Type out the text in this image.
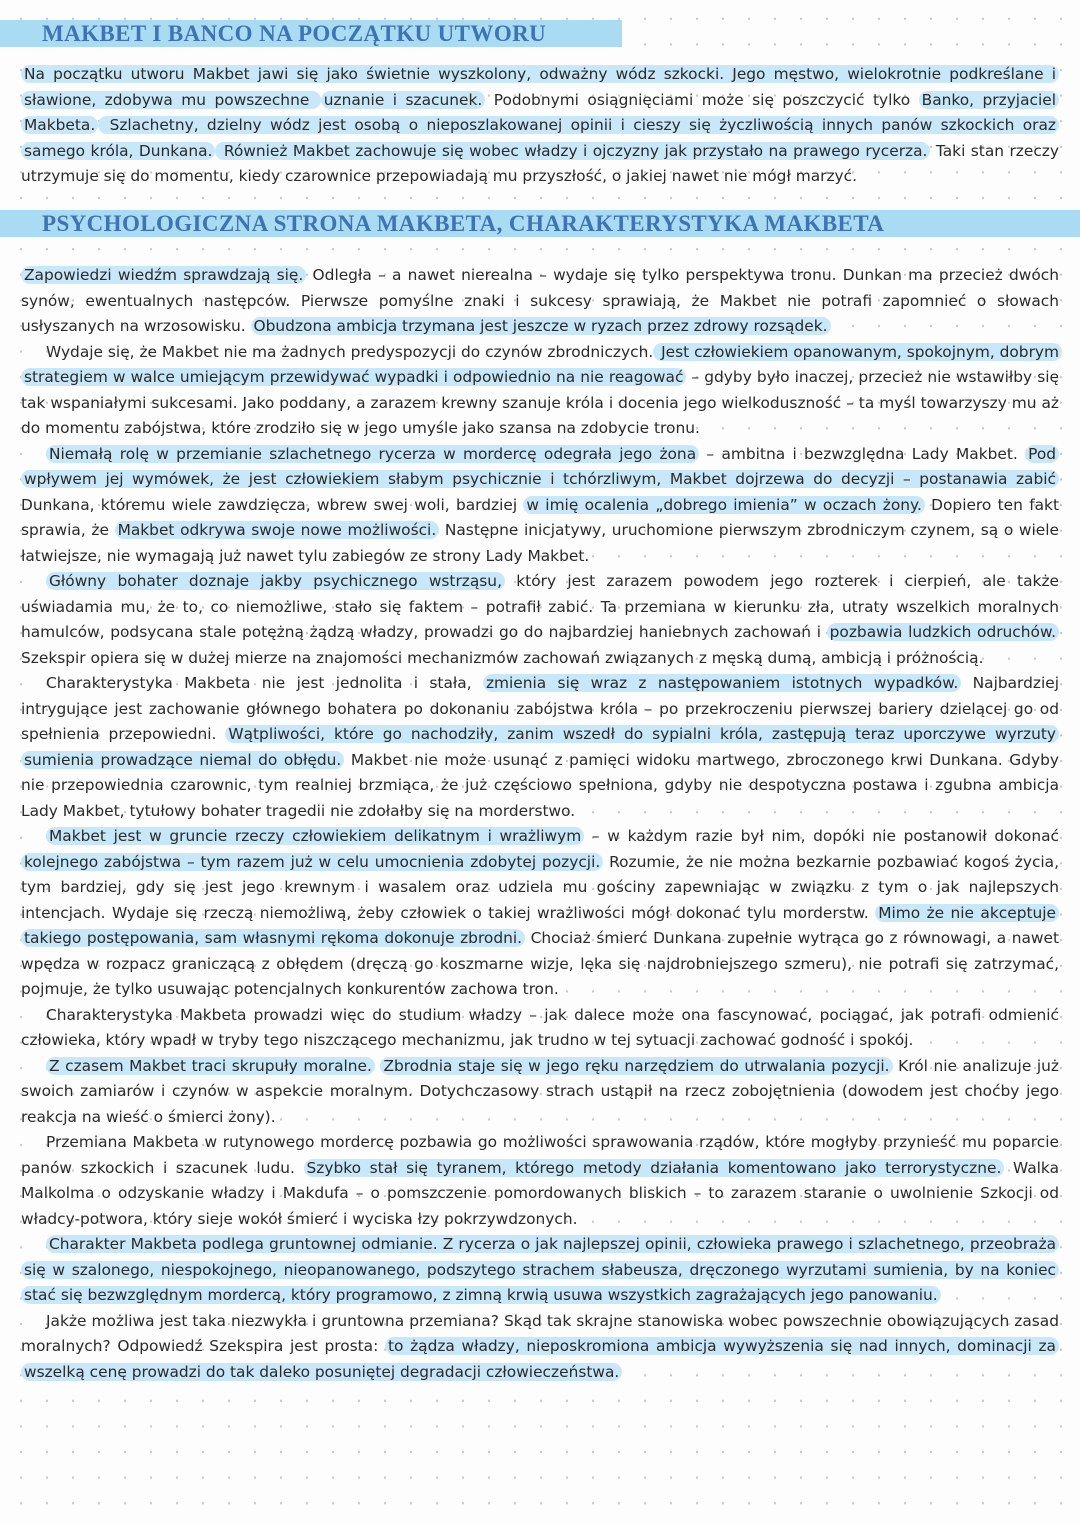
MAKBET I BANCO NA POCZĄTKU UTWORU

Na początku utworu Makbet jawi się jako świetnie wyszkolony, odważny wódz szkocki. Jego męstwo, wielokrotnie podkreślane i sławione, zdobywa mu powszechne uznanie i szacunek. Podobnymi osiągnięciami może się poszczycić tylko Banko, przyjaciel Makbeta. Szlachetny, dzielny wódz jest osobą o nieposzlakowanej opinii i cieszy się życzliwością innych panów szkockich oraz samego króla, Dunkana. Również Makbet zachowuje się wobec władzy i ojczyzny jak przystało na prawego rycerza. Taki stan rzeczy utrzymuje się do momentu, kiedy czarownice przepowiadają mu przyszłość, o jakiej nawet nie mógł marzyć.

PSYCHOLOGICZNA STRONA MAKBETA, CHARAKTERYSTYKA MAKBETA

Zapowiedzi wiedźm sprawdzają się. Odległa – a nawet nierealna – wydaje się tylko perspektywa tronu. Dunkan ma przecież dwóch synów, ewentualnych następców. Pierwsze pomyślne znaki i sukcesy sprawiają, że Makbet nie potrafi zapomnieć o słowach usłyszanych na wrzosowisku. Obudzona ambicja trzymana jest jeszcze w ryzach przez zdrowy rozsądek.

Wydaje się, że Makbet nie ma żadnych predyspozycji do czynów zbrodniczych. Jest człowiekiem opanowanym, spokojnym, dobrym strategiem w walce umiejącym przewidywać wypadki i odpowiednio na nie reagować – gdyby było inaczej, przecież nie wstawiłby się tak wspaniałymi sukcesami. Jako poddany, a zarazem krewny szanuje króla i docenia jego wielkoduszność – ta myśl towarzyszy mu aż do momentu zabójstwa, które zrodziło się w jego umyśle jako szansa na zdobycie tronu.

Niemałą rolę w przemianie szlachetnego rycerza w mordercę odegrała jego żona – ambitna i bezwzględna Lady Makbet. Pod wpływem jej wymówek, że jest człowiekiem słabym psychicznie i tchórzliwym, Makbet dojrzewa do decyzji – postanawia zabić Dunkana, któremu wiele zawdzięcza, wbrew swej woli, bardziej w imię ocalenia „dobrego imienia” w oczach żony. Dopiero ten fakt sprawia, że Makbet odkrywa swoje nowe możliwości. Następne inicjatywy, uruchomione pierwszym zbrodniczym czynem, są o wiele łatwiejsze, nie wymagają już nawet tylu zabiegów ze strony Lady Makbet.

Główny bohater doznaje jakby psychicznego wstrząsu, który jest zarazem powodem jego rozterek i cierpień, ale także uświadamia mu, że to, co niemożliwe, stało się faktem – potrafił zabić. Ta przemiana w kierunku zła, utraty wszelkich moralnych hamulców, podsycana stale potężną żądzą władzy, prowadzi go do najbardziej haniebnych zachowań i pozbawia ludzkich odruchów. Szekspir opiera się w dużej mierze na znajomości mechanizmów zachowań związanych z męską dumą, ambicją i próżnością.

Charakterystyka Makbeta nie jest jednolita i stała, zmienia się wraz z następowaniem istotnych wypadków. Najbardziej intrygujące jest zachowanie głównego bohatera po dokonaniu zabójstwa króla – po przekroczeniu pierwszej bariery dzielącej go od spełnienia przepowiedni. Wątpliwości, które go nachodziły, zanim wszedł do sypialni króla, zastępują teraz uporczywe wyrzuty sumienia prowadzące niemal do obłędu. Makbet nie może usunąć z pamięci widoku martwego, zbroczonego krwi Dunkana. Gdyby nie przepowiednia czarownic, tym realniej brzmiąca, że już częściowo spełniona, gdyby nie despotyczna postawa i zgubna ambicja Lady Makbet, tytułowy bohater tragedii nie zdołałby się na morderstwo.

Makbet jest w gruncie rzeczy człowiekiem delikatnym i wrażliwym – w każdym razie był nim, dopóki nie postanowił dokonać kolejnego zabójstwa – tym razem już w celu umocnienia zdobytej pozycji. Rozumie, że nie można bezkarnie pozbawiać kogoś życia, tym bardziej, gdy się jest jego krewnym i wasalem oraz udziela mu gościny zapewniając w związku z tym o jak najlepszych intencjach. Wydaje się rzeczą niemożliwą, żeby człowiek o takiej wrażliwości mógł dokonać tylu morderstw. Mimo że nie akceptuje takiego postępowania, sam własnymi rękoma dokonuje zbrodni. Chociaż śmierć Dunkana zupełnie wytrąca go z równowagi, a nawet wpędza w rozpacz graniczącą z obłędem (dręczą go koszmarne wizje, lęka się najdrobniejszego szmeru), nie potrafi się zatrzymać, pojmuje, że tylko usuwając potencjalnych konkurentów zachowa tron.

Charakterystyka Makbeta prowadzi więc do studium władzy – jak dalece może ona fascynować, pociągać, jak potrafi odmienić człowieka, który wpadł w tryby tego niszczącego mechanizmu, jak trudno w tej sytuacji zachować godność i spokój.

Z czasem Makbet traci skrupuły moralne. Zbrodnia staje się w jego ręku narzędziem do utrwalania pozycji. Król nie analizuje już swoich zamiarów i czynów w aspekcie moralnym. Dotychczasowy strach ustąpił na rzecz zobojętnienia (dowodem jest choćby jego reakcja na wieść o śmierci żony).

Przemiana Makbeta w rutynowego mordercę pozbawia go możliwości sprawowania rządów, które mogłyby przynieść mu poparcie panów szkockich i szacunek ludu. Szybko stał się tyranem, którego metody działania komentowano jako terrorystyczne. Walka Malkolma o odzyskanie władzy i Makdufa – o pomszczenie pomordowanych bliskich – to zarazem staranie o uwolnienie Szkocji od władcy-potwora, który sieje wokół śmierć i wyciska łzy pokrzywdzonych.

Charakter Makbeta podlega gruntownej odmianie. Z rycerza o jak najlepszej opinii, człowieka prawego i szlachetnego, przeobraża się w szalonego, niespokojnego, nieopanowanego, podszytego strachem słabeusza, dręczonego wyrzutami sumienia, by na koniec stać się bezwzględnym mordercą, który programowo, z zimną krwią usuwa wszystkich zagrażających jego panowaniu.

Jakże możliwa jest taka niezwykła i gruntowna przemiana? Skąd tak skrajne stanowiska wobec powszechnie obowiązujących zasad moralnych? Odpowiedź Szekspira jest prosta: to żądza władzy, nieposkromiona ambicja wywyższenia się nad innych, dominacji za wszelką cenę prowadzi do tak daleko posuniętej degradacji człowieczeństwa.
